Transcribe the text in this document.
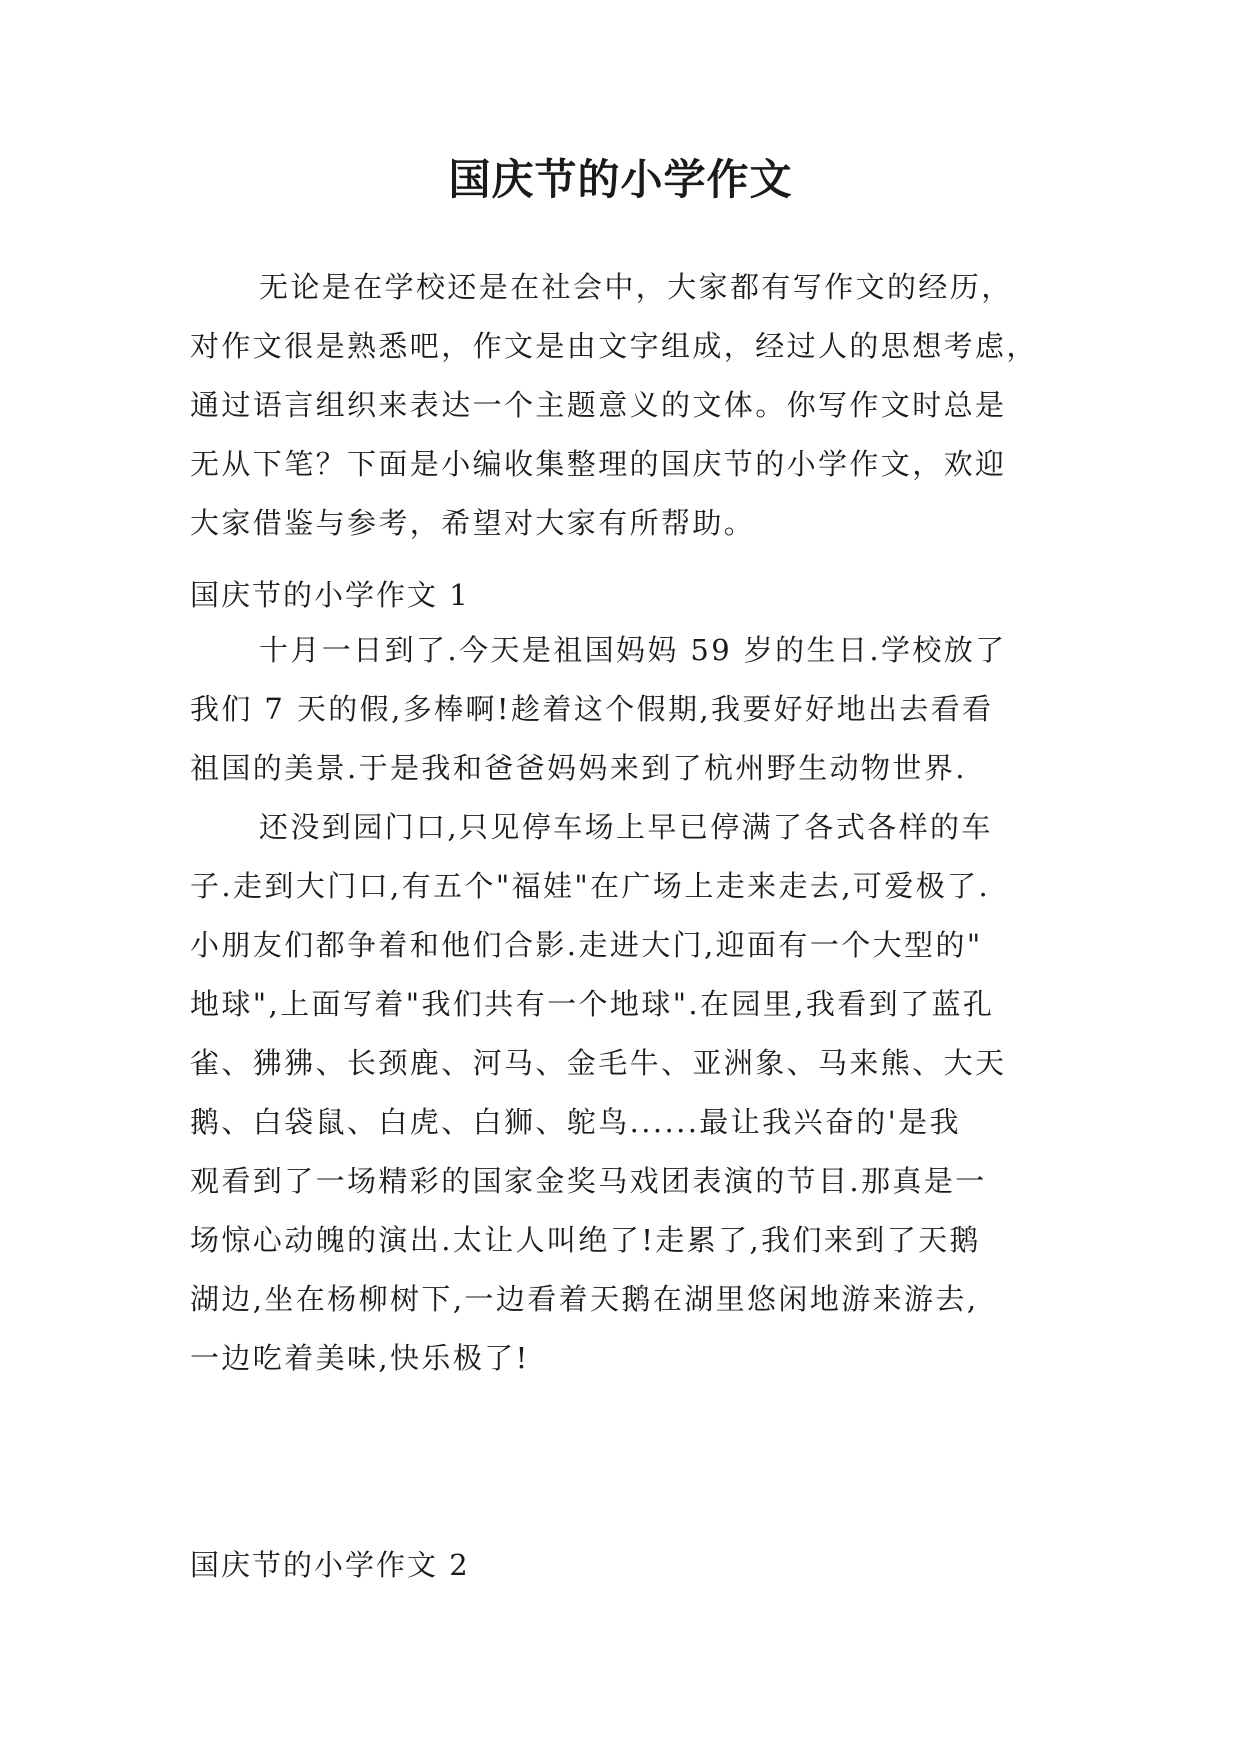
国庆节的小学作文
无论是在学校还是在社会中，大家都有写作文的经历，
对作文很是熟悉吧，作文是由文字组成，经过人的思想考虑，
通过语言组织来表达一个主题意义的文体。你写作文时总是
无从下笔？下面是小编收集整理的国庆节的小学作文，欢迎
大家借鉴与参考，希望对大家有所帮助。
国庆节的小学作文 1
十月一日到了.今天是祖国妈妈 59 岁的生日.学校放了
我们 7 天的假,多棒啊!趁着这个假期,我要好好地出去看看
祖国的美景.于是我和爸爸妈妈来到了杭州野生动物世界.
还没到园门口,只见停车场上早已停满了各式各样的车
子.走到大门口,有五个"福娃"在广场上走来走去,可爱极了.
小朋友们都争着和他们合影.走进大门,迎面有一个大型的"
地球",上面写着"我们共有一个地球".在园里,我看到了蓝孔
雀、狒狒、长颈鹿、河马、金毛牛、亚洲象、马来熊、大天
鹅、白袋鼠、白虎、白狮、鸵鸟......最让我兴奋的'是我
观看到了一场精彩的国家金奖马戏团表演的节目.那真是一
场惊心动魄的演出.太让人叫绝了!走累了,我们来到了天鹅
湖边,坐在杨柳树下,一边看着天鹅在湖里悠闲地游来游去,
一边吃着美味,快乐极了!
国庆节的小学作文 2
